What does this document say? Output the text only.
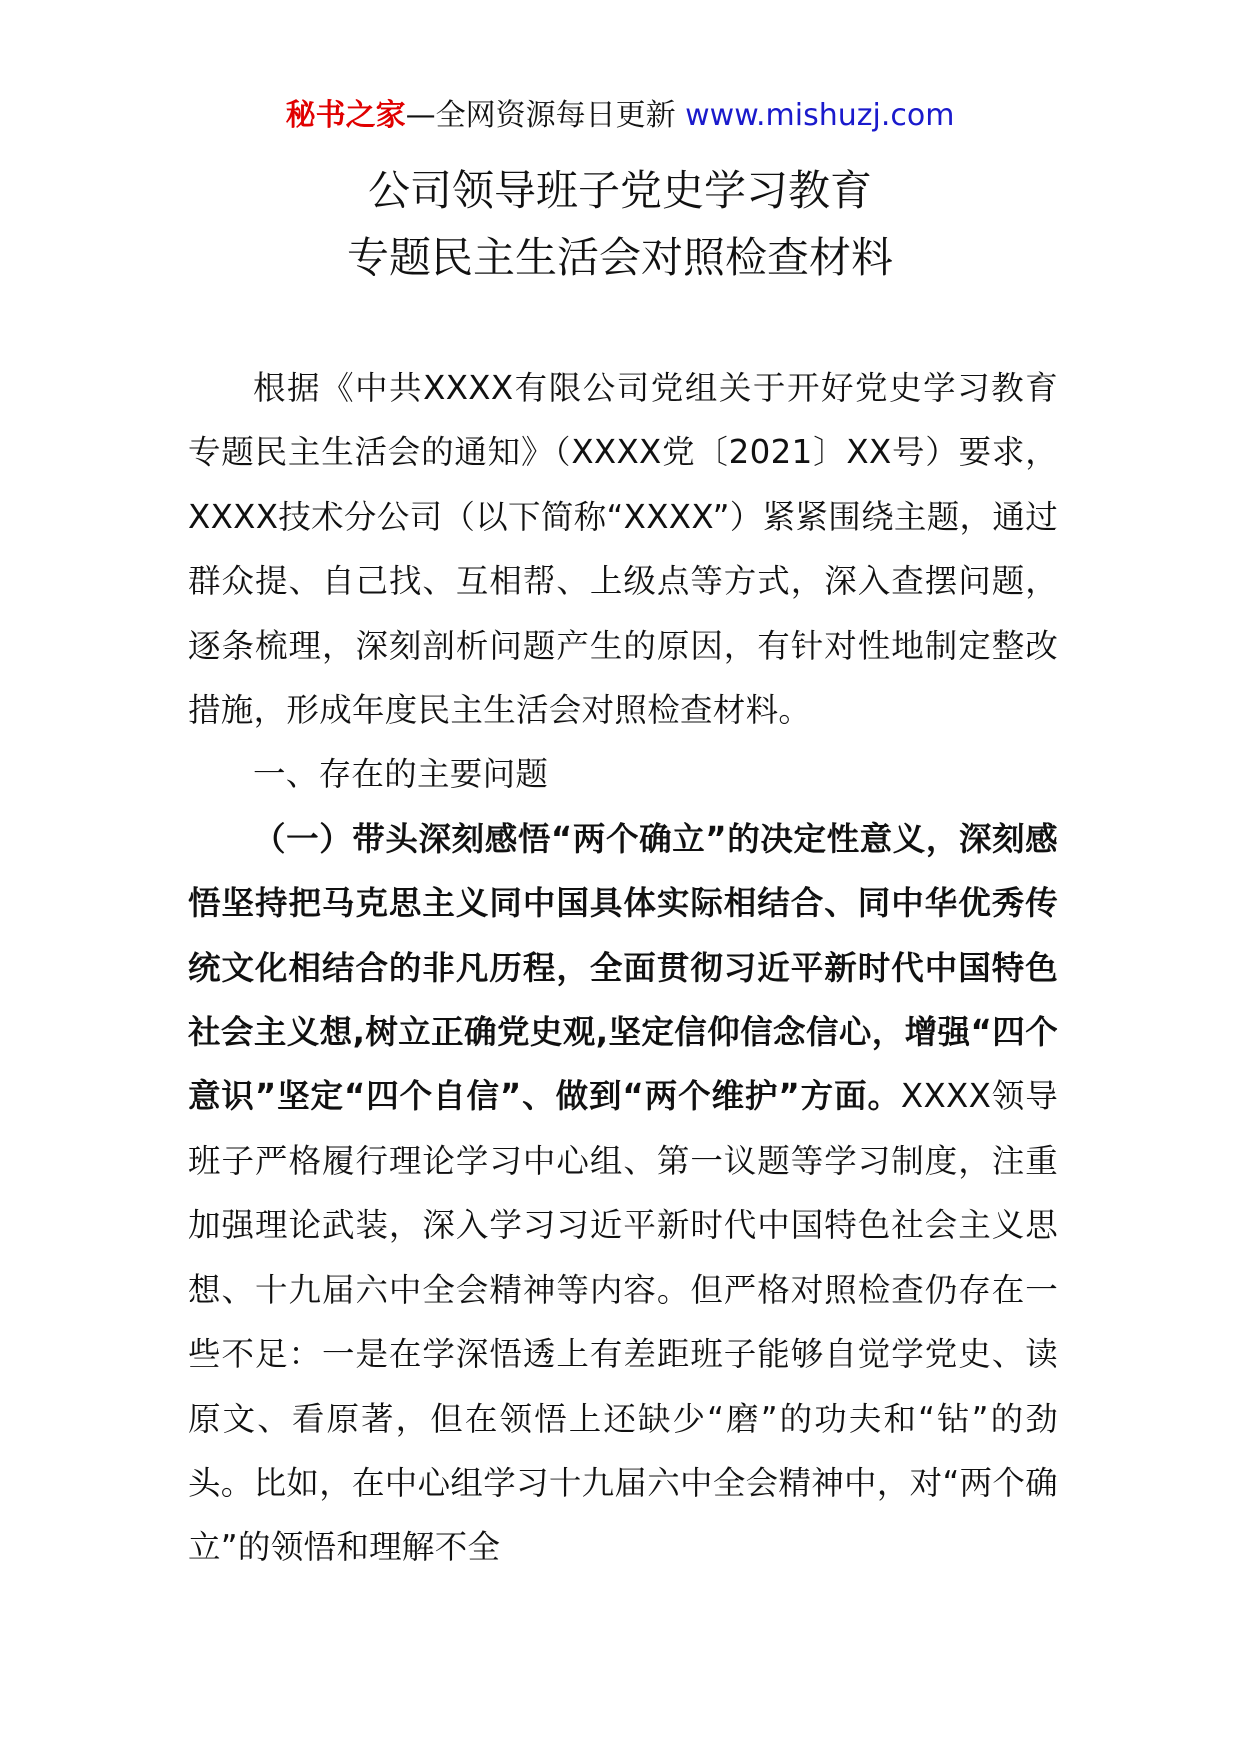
秘书之家—全网资源每日更新 www.mishuzj.com
公司领导班子党史学习教育
专题民主生活会对照检查材料

根据《中共XXXX有限公司党组关于开好党史学习教育专题民主生活会的通知》（XXXX党〔2021〕XX号）要求，XXXX技术分公司（以下简称“XXXX”）紧紧围绕主题，通过群众提、自己找、互相帮、上级点等方式，深入查摆问题，逐条梳理，深刻剖析问题产生的原因，有针对性地制定整改措施，形成年度民主生活会对照检查材料。

一、存在的主要问题

（一）带头深刻感悟“两个确立”的决定性意义，深刻感悟坚持把马克思主义同中国具体实际相结合、同中华优秀传统文化相结合的非凡历程，全面贯彻习近平新时代中国特色社会主义想,树立正确党史观,坚定信仰信念信心，增强“四个意识”坚定“四个自信”、做到“两个维护”方面。XXXX领导班子严格履行理论学习中心组、第一议题等学习制度，注重加强理论武装，深入学习习近平新时代中国特色社会主义思想、十九届六中全会精神等内容。但严格对照检查仍存在一些不足：一是在学深悟透上有差距班子能够自觉学党史、读原文、看原著，但在领悟上还缺少“磨”的功夫和“钻”的劲头。比如，在中心组学习十九届六中全会精神中，对“两个确立”的领悟和理解不全
